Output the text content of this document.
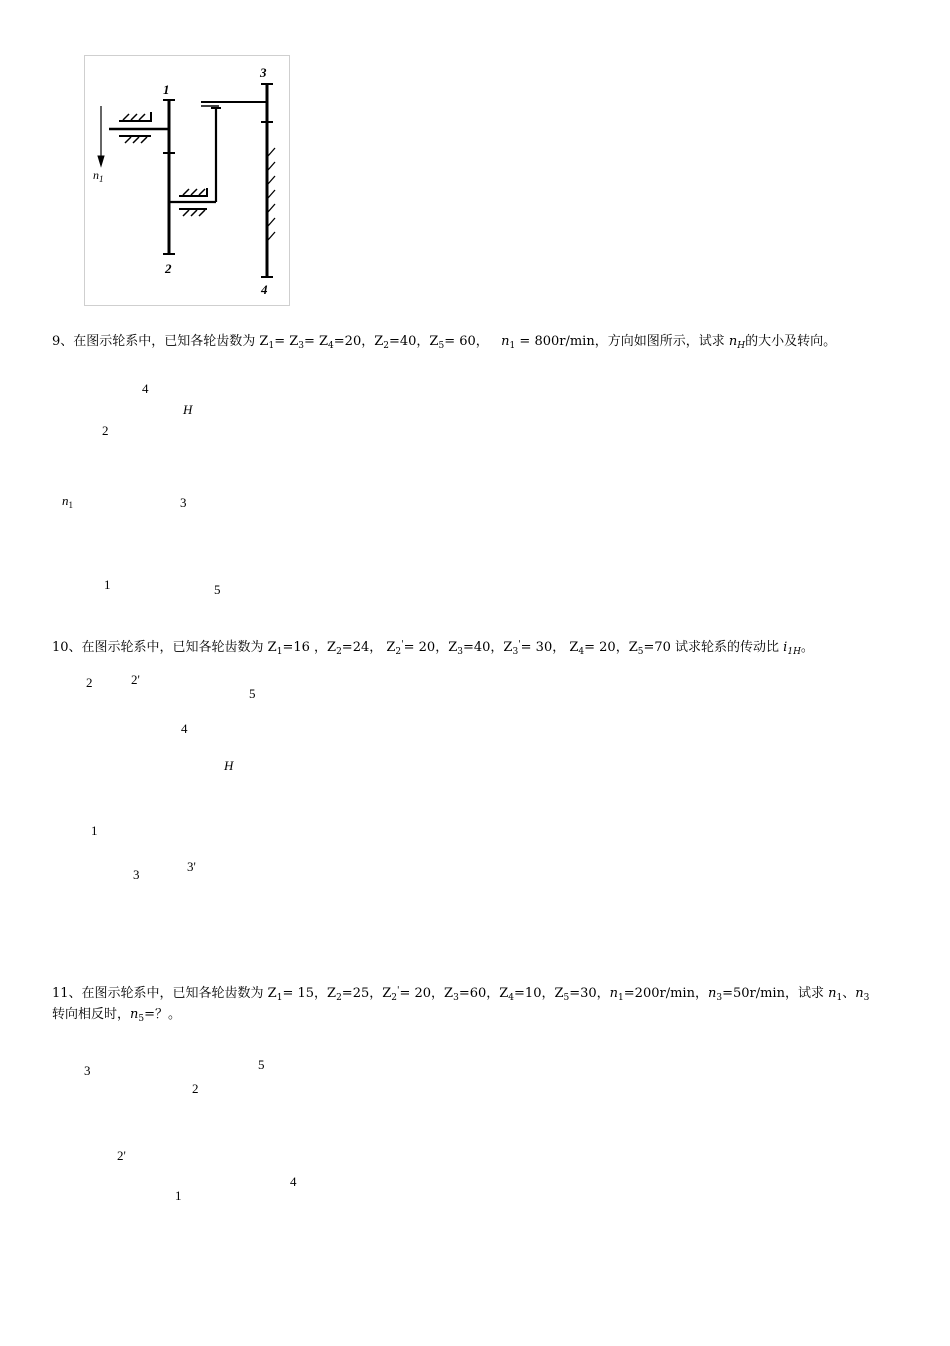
1
2
3
4
$n_1$
9、在图示轮系中，已知各轮齿数为 $Z_1= Z_3= Z_4=20$，$Z_2=40$，$Z_5= 60$， $n_1 = 800r/\min$，方向如图所示，试求 $n_H$的大小及转向。
4
H
2
$n_1$	3
1	5
10、在图示轮系中，已知各轮齿数为 $Z_1=16$ ，$Z_2=24$， $Z_2'= 20$，$Z_3=40$，$Z_3'= 30$， $Z_4= 20$，$Z_5=70$ 试求轮系的传动比 $i_{1H}$。
2	2'
5
4
H
1
3
3'
11、在图示轮系中，已知各轮齿数为 $Z_1= 15$，$Z_2=25$，$Z_2'= 20$，$Z_3=60$，$Z_4=10$，$Z_5=30$，$n_1=200r/\min$，$n_3=50r/\min$，试求 $n_1$、$n_3$
转向相反时，$n_5=$？。
3	5
2
2'
4
1
